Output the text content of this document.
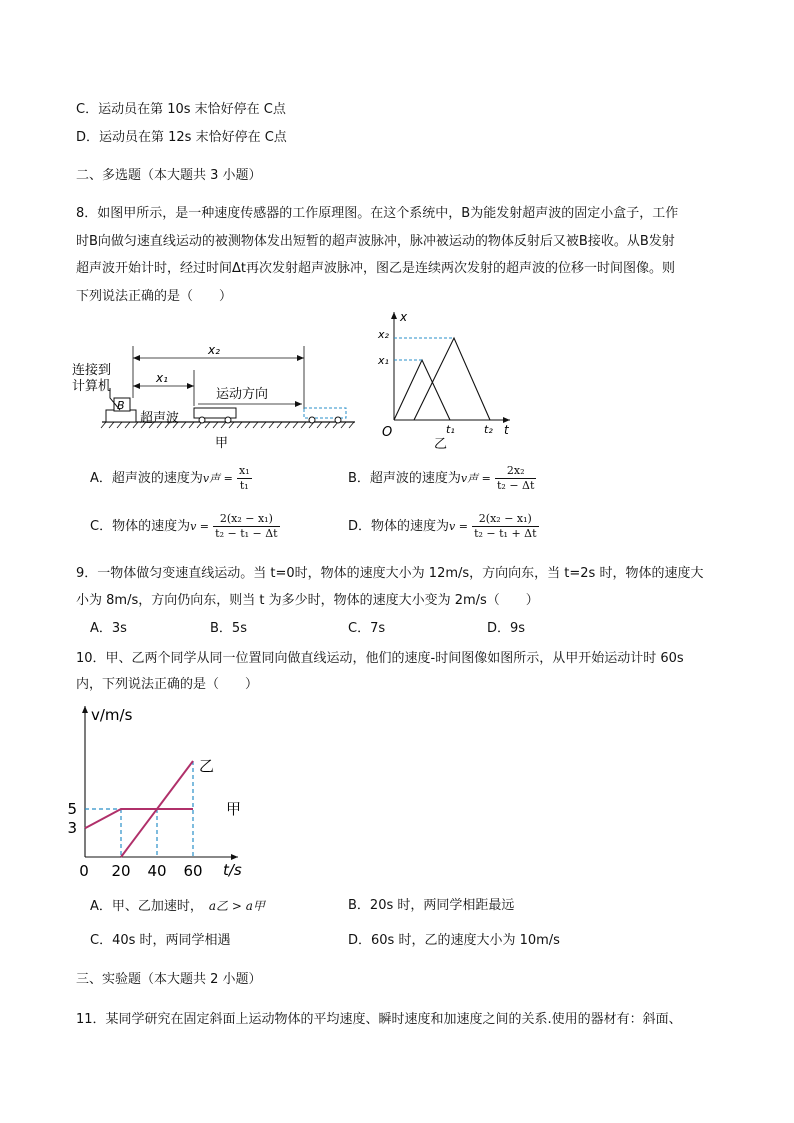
C．运动员在第 10s 末恰好停在 C点
D．运动员在第 12s 末恰好停在 C点
二、多选题（本大题共 3 小题）
8．如图甲所示，是一种速度传感器的工作原理图。在这个系统中，B为能发射超声波的固定小盒子，工作
时B向做匀速直线运动的被测物体发出短暂的超声波脉冲，脉冲被运动的物体反射后又被B接收。从B发射
超声波开始计时，经过时间Δt再次发射超声波脉冲，图乙是连续两次发射的超声波的位移一时间图像。则
下列说法正确的是（　　）
B
连接到
计算机
x₂
x₁
运动方向
超声波
甲
x
t
O
x₂
x₁
t₁	t₂
乙
A．超声波的速度为v声 = $\frac{\text{x₁}}{\text{t₁}}$	B．超声波的速度为v声 = $\frac{\text{2x₂}}{\text{t₂ − Δt}}$
C．物体的速度为$v = \frac{\text{2(x₂ − x₁)}}{\text{t₂ − t₁ − Δt}}$	D．物体的速度为$v = \frac{\text{2(x₂ − x₁)}}{\text{t₂ − t₁ + Δt}}$
9．一物体做匀变速直线运动。当 t=0时，物体的速度大小为 12m/s，方向向东，当 t=2s 时，物体的速度大
小为 8m/s，方向仍向东，则当 t 为多少时，物体的速度大小变为 2m/s（　　）
A．3s	B．5s	C．7s	D．9s
10．甲、乙两个同学从同一位置同向做直线运动，他们的速度-时间图像如图所示，从甲开始运动计时 60s
内，下列说法正确的是（　　）
v/m/s
t/s
甲
乙
0 20 40 60
3
5
A．甲、乙加速时， a乙 > a甲	B．20s 时，两同学相距最远
C．40s 时，两同学相遇	D．60s 时，乙的速度大小为 10m/s
三、实验题（本大题共 2 小题）
11．某同学研究在固定斜面上运动物体的平均速度、瞬时速度和加速度之间的关系.使用的器材有：斜面、
